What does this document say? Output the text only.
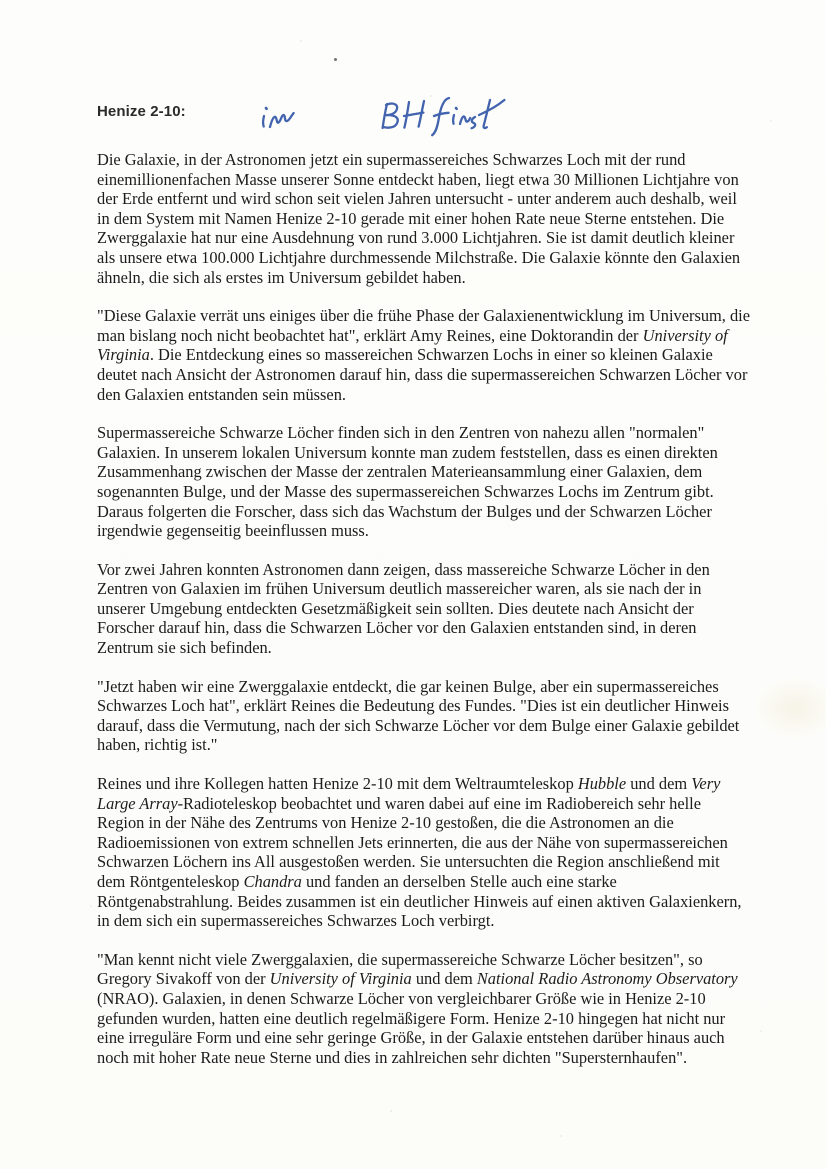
Henize 2-10:

Die Galaxie, in der Astronomen jetzt ein supermassereiches Schwarzes Loch mit der rund einemillionenfachen Masse unserer Sonne entdeckt haben, liegt etwa 30 Millionen Lichtjahre von der Erde entfernt und wird schon seit vielen Jahren untersucht - unter anderem auch deshalb, weil in dem System mit Namen Henize 2-10 gerade mit einer hohen Rate neue Sterne entstehen. Die Zwerggalaxie hat nur eine Ausdehnung von rund 3.000 Lichtjahren. Sie ist damit deutlich kleiner als unsere etwa 100.000 Lichtjahre durchmessende Milchstraße. Die Galaxie könnte den Galaxien ähneln, die sich als erstes im Universum gebildet haben.

"Diese Galaxie verrät uns einiges über die frühe Phase der Galaxienentwicklung im Universum, die man bislang noch nicht beobachtet hat", erklärt Amy Reines, eine Doktorandin der University of Virginia. Die Entdeckung eines so massereichen Schwarzen Lochs in einer so kleinen Galaxie deutet nach Ansicht der Astronomen darauf hin, dass die supermassereichen Schwarzen Löcher vor den Galaxien entstanden sein müssen.

Supermassereiche Schwarze Löcher finden sich in den Zentren von nahezu allen "normalen" Galaxien. In unserem lokalen Universum konnte man zudem feststellen, dass es einen direkten Zusammenhang zwischen der Masse der zentralen Materieansammlung einer Galaxien, dem sogenannten Bulge, und der Masse des supermassereichen Schwarzes Lochs im Zentrum gibt. Daraus folgerten die Forscher, dass sich das Wachstum der Bulges und der Schwarzen Löcher irgendwie gegenseitig beeinflussen muss.

Vor zwei Jahren konnten Astronomen dann zeigen, dass massereiche Schwarze Löcher in den Zentren von Galaxien im frühen Universum deutlich massereicher waren, als sie nach der in unserer Umgebung entdeckten Gesetzmäßigkeit sein sollten. Dies deutete nach Ansicht der Forscher darauf hin, dass die Schwarzen Löcher vor den Galaxien entstanden sind, in deren Zentrum sie sich befinden.

"Jetzt haben wir eine Zwerggalaxie entdeckt, die gar keinen Bulge, aber ein supermassereiches Schwarzes Loch hat", erklärt Reines die Bedeutung des Fundes. "Dies ist ein deutlicher Hinweis darauf, dass die Vermutung, nach der sich Schwarze Löcher vor dem Bulge einer Galaxie gebildet haben, richtig ist."

Reines und ihre Kollegen hatten Henize 2-10 mit dem Weltraumteleskop Hubble und dem Very Large Array-Radioteleskop beobachtet und waren dabei auf eine im Radiobereich sehr helle Region in der Nähe des Zentrums von Henize 2-10 gestoßen, die die Astronomen an die Radioemissionen von extrem schnellen Jets erinnerten, die aus der Nähe von supermassereichen Schwarzen Löchern ins All ausgestoßen werden. Sie untersuchten die Region anschließend mit dem Röntgenteleskop Chandra und fanden an derselben Stelle auch eine starke Röntgenabstrahlung. Beides zusammen ist ein deutlicher Hinweis auf einen aktiven Galaxienkern, in dem sich ein supermassereiches Schwarzes Loch verbirgt.

"Man kennt nicht viele Zwerggalaxien, die supermassereiche Schwarze Löcher besitzen", so Gregory Sivakoff von der University of Virginia und dem National Radio Astronomy Observatory (NRAO). Galaxien, in denen Schwarze Löcher von vergleichbarer Größe wie in Henize 2-10 gefunden wurden, hatten eine deutlich regelmäßigere Form. Henize 2-10 hingegen hat nicht nur eine irreguläre Form und eine sehr geringe Größe, in der Galaxie entstehen darüber hinaus auch noch mit hoher Rate neue Sterne und dies in zahlreichen sehr dichten "Supersternhaufen".
